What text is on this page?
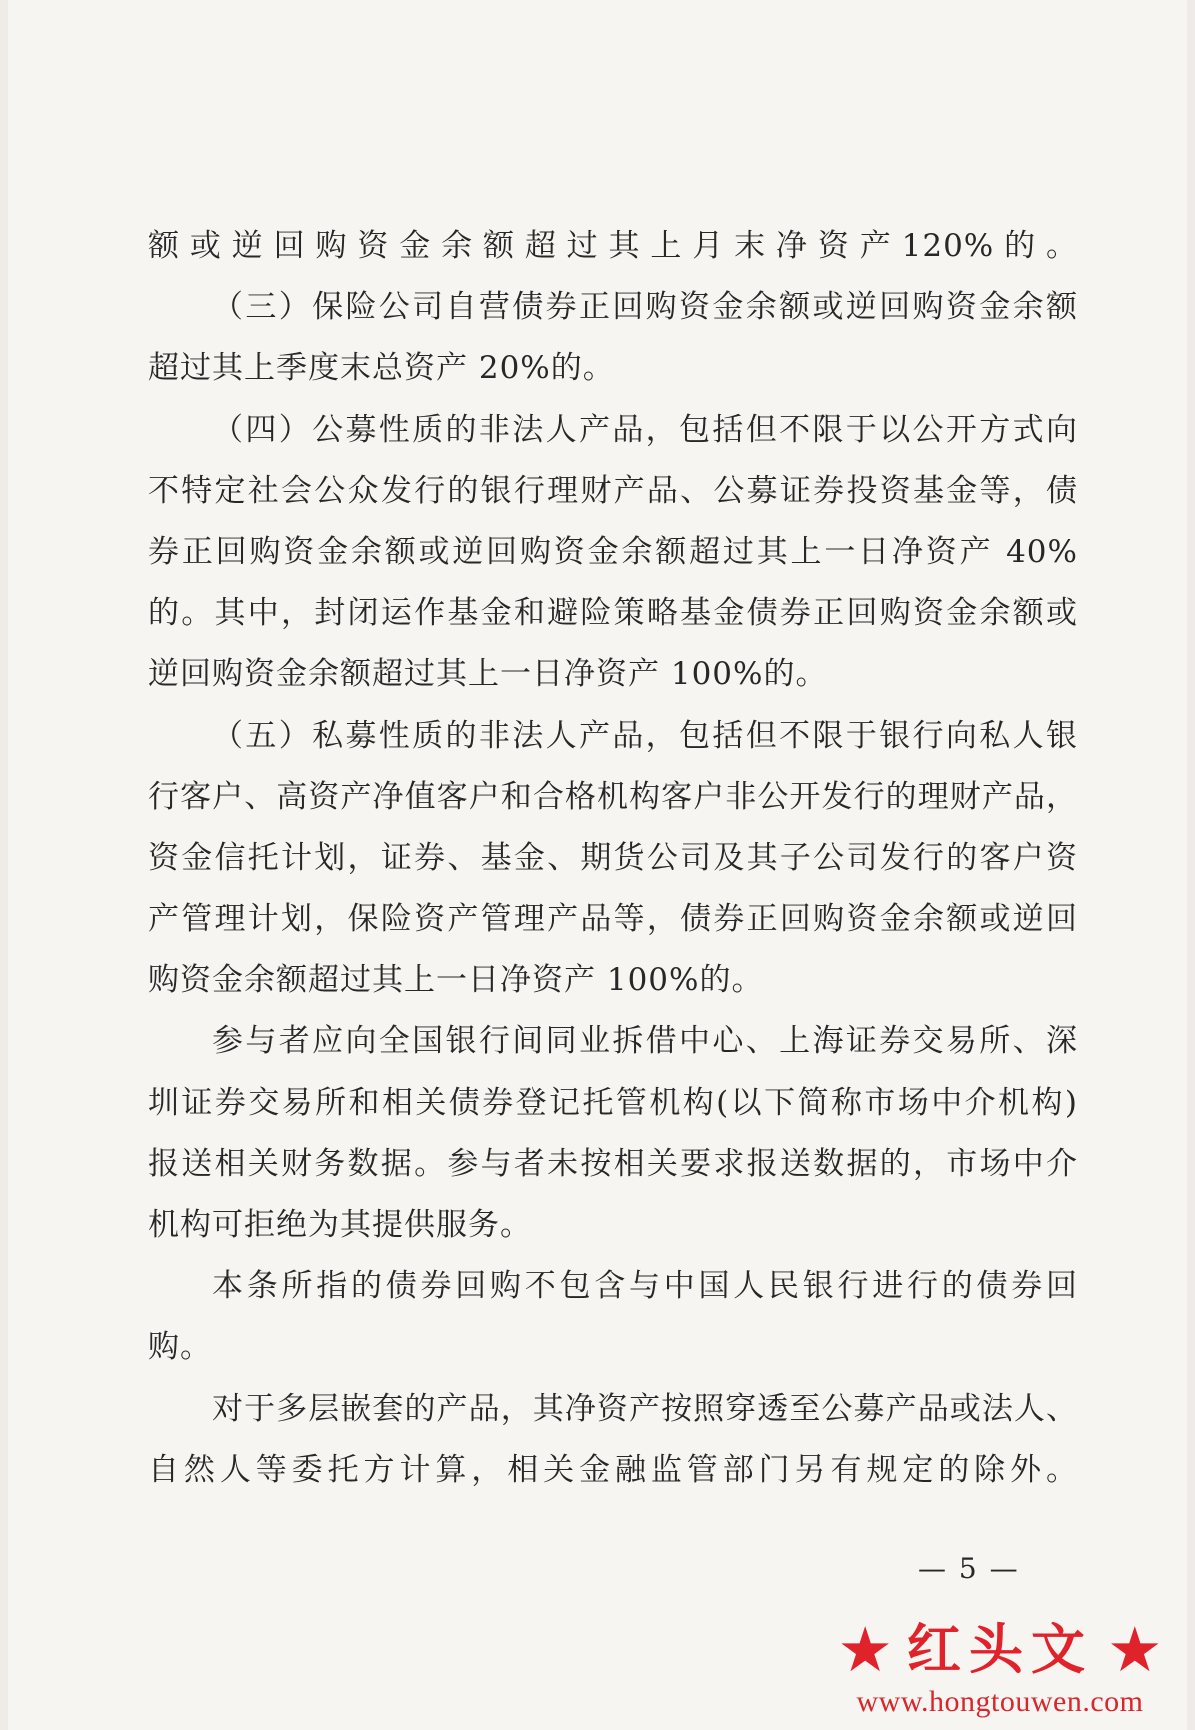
额或逆回购资金余额超过其上月末净资产120%的。
（三）保险公司自营债券正回购资金余额或逆回购资金余额
超过其上季度末总资产 20%的。
（四）公募性质的非法人产品，包括但不限于以公开方式向
不特定社会公众发行的银行理财产品、公募证券投资基金等，债
券正回购资金余额或逆回购资金余额超过其上一日净资产 40%
的。其中，封闭运作基金和避险策略基金债券正回购资金余额或
逆回购资金余额超过其上一日净资产 100%的。
（五）私募性质的非法人产品，包括但不限于银行向私人银
行客户、高资产净值客户和合格机构客户非公开发行的理财产品，
资金信托计划，证券、基金、期货公司及其子公司发行的客户资
产管理计划，保险资产管理产品等，债券正回购资金余额或逆回
购资金余额超过其上一日净资产 100%的。
参与者应向全国银行间同业拆借中心、上海证券交易所、深
圳证券交易所和相关债券登记托管机构(以下简称市场中介机构)
报送相关财务数据。参与者未按相关要求报送数据的，市场中介
机构可拒绝为其提供服务。
本条所指的债券回购不包含与中国人民银行进行的债券回
购。
对于多层嵌套的产品，其净资产按照穿透至公募产品或法人、
自然人等委托方计算，相关金融监管部门另有规定的除外。
— 5 —
★ 红头文 ★
www.hongtouwen.com
